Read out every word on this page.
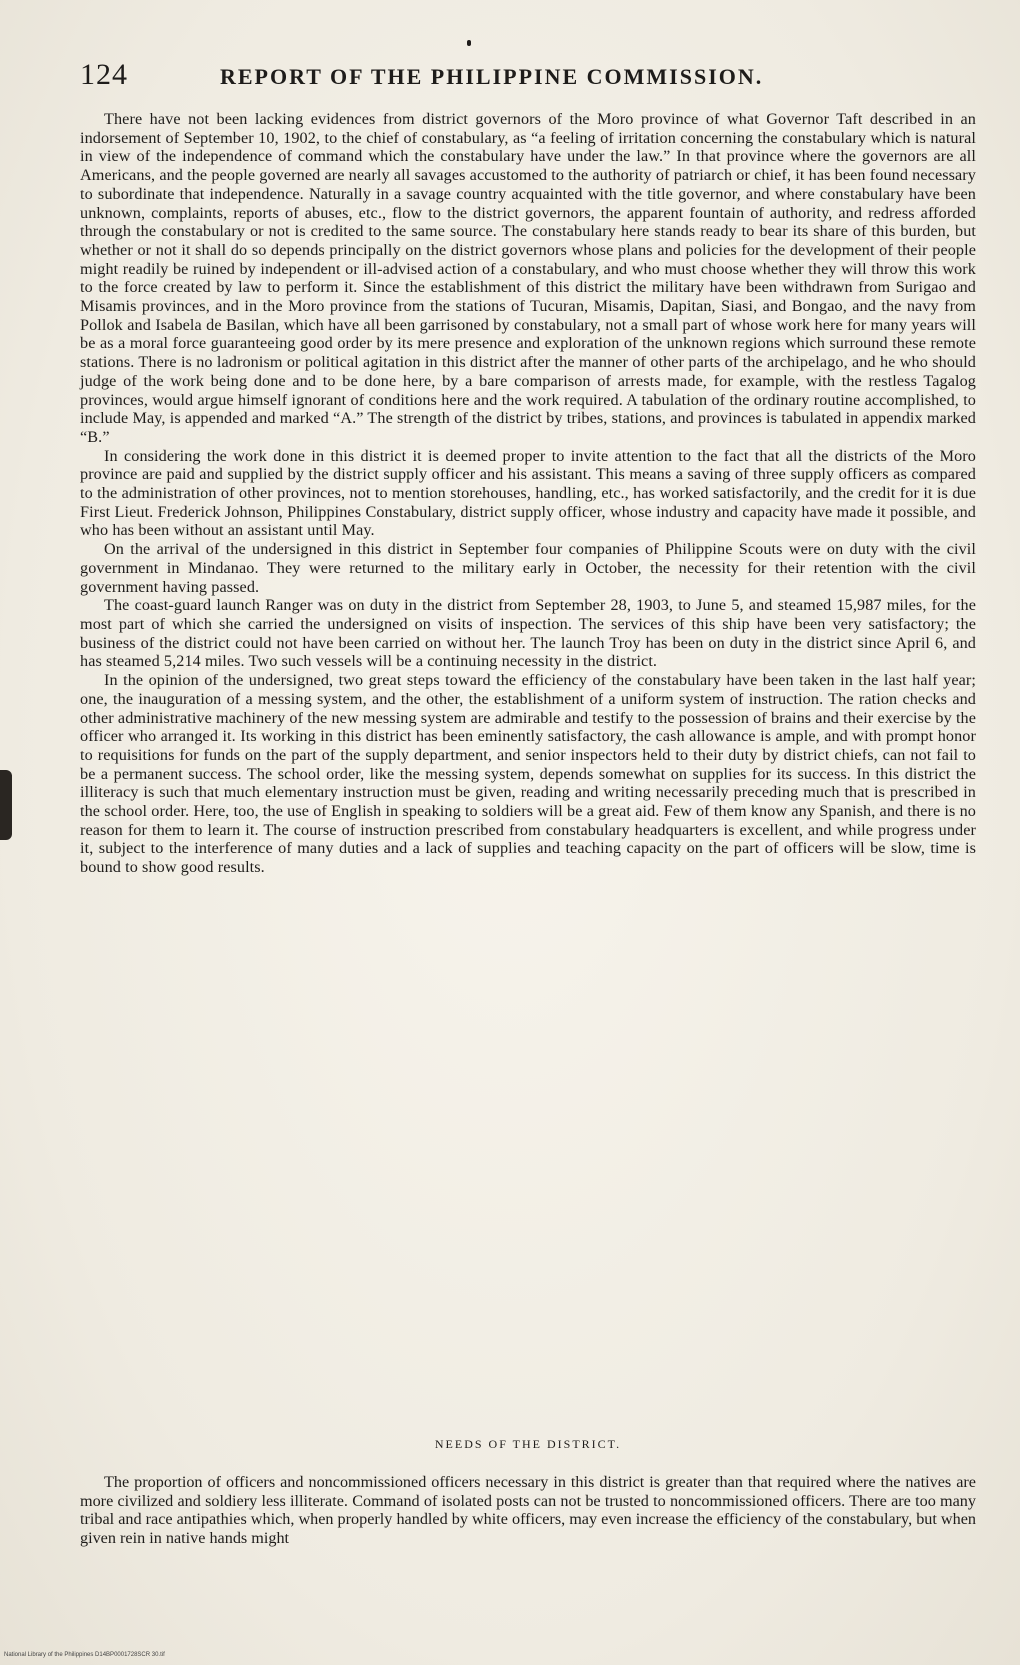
124	REPORT OF THE PHILIPPINE COMMISSION.

There have not been lacking evidences from district governors of the Moro province of what Governor Taft described in an indorsement of September 10, 1902, to the chief of constabulary, as “a feeling of irritation concerning the constabulary which is natural in view of the independence of command which the constabulary have under the law.” In that province where the governors are all Americans, and the people governed are nearly all savages accustomed to the authority of patriarch or chief, it has been found necessary to subordinate that independence. Naturally in a savage country acquainted with the title governor, and where constabulary have been unknown, complaints, reports of abuses, etc., flow to the district governors, the apparent fountain of authority, and redress afforded through the constabulary or not is credited to the same source. The constabulary here stands ready to bear its share of this burden, but whether or not it shall do so depends principally on the district governors whose plans and policies for the development of their people might readily be ruined by independent or ill-advised action of a constabulary, and who must choose whether they will throw this work to the force created by law to perform it. Since the establishment of this district the military have been withdrawn from Surigao and Misamis provinces, and in the Moro province from the stations of Tucuran, Misamis, Dapitan, Siasi, and Bongao, and the navy from Pollok and Isabela de Basilan, which have all been garrisoned by constabulary, not a small part of whose work here for many years will be as a moral force guaranteeing good order by its mere presence and exploration of the unknown regions which surround these remote stations. There is no ladronism or political agitation in this district after the manner of other parts of the archipelago, and he who should judge of the work being done and to be done here, by a bare comparison of arrests made, for example, with the restless Tagalog provinces, would argue himself ignorant of conditions here and the work required. A tabulation of the ordinary routine accomplished, to include May, is appended and marked “A.” The strength of the district by tribes, stations, and provinces is tabulated in appendix marked “B.”

In considering the work done in this district it is deemed proper to invite attention to the fact that all the districts of the Moro province are paid and supplied by the district supply officer and his assistant. This means a saving of three supply officers as compared to the administration of other provinces, not to mention storehouses, handling, etc., has worked satisfactorily, and the credit for it is due First Lieut. Frederick Johnson, Philippines Constabulary, district supply officer, whose industry and capacity have made it possible, and who has been without an assistant until May.

On the arrival of the undersigned in this district in September four companies of Philippine Scouts were on duty with the civil government in Mindanao. They were returned to the military early in October, the necessity for their retention with the civil government having passed.

The coast-guard launch Ranger was on duty in the district from September 28, 1903, to June 5, and steamed 15,987 miles, for the most part of which she carried the undersigned on visits of inspection. The services of this ship have been very satisfactory; the business of the district could not have been carried on without her. The launch Troy has been on duty in the district since April 6, and has steamed 5,214 miles. Two such vessels will be a continuing necessity in the district.

In the opinion of the undersigned, two great steps toward the efficiency of the constabulary have been taken in the last half year; one, the inauguration of a messing system, and the other, the establishment of a uniform system of instruction. The ration checks and other administrative machinery of the new messing system are admirable and testify to the possession of brains and their exercise by the officer who arranged it. Its working in this district has been eminently satisfactory, the cash allowance is ample, and with prompt honor to requisitions for funds on the part of the supply department, and senior inspectors held to their duty by district chiefs, can not fail to be a permanent success. The school order, like the messing system, depends somewhat on supplies for its success. In this district the illiteracy is such that much elementary instruction must be given, reading and writing necessarily preceding much that is prescribed in the school order. Here, too, the use of English in speaking to soldiers will be a great aid. Few of them know any Spanish, and there is no reason for them to learn it. The course of instruction prescribed from constabulary headquarters is excellent, and while progress under it, subject to the interference of many duties and a lack of supplies and teaching capacity on the part of officers will be slow, time is bound to show good results.

NEEDS OF THE DISTRICT.

The proportion of officers and noncommissioned officers necessary in this district is greater than that required where the natives are more civilized and soldiery less illiterate. Command of isolated posts can not be trusted to noncommissioned officers. There are too many tribal and race antipathies which, when properly handled by white officers, may even increase the efficiency of the constabulary, but when given rein in native hands might

National Library of the Philippines D14BP0001728SCR 30.tif
